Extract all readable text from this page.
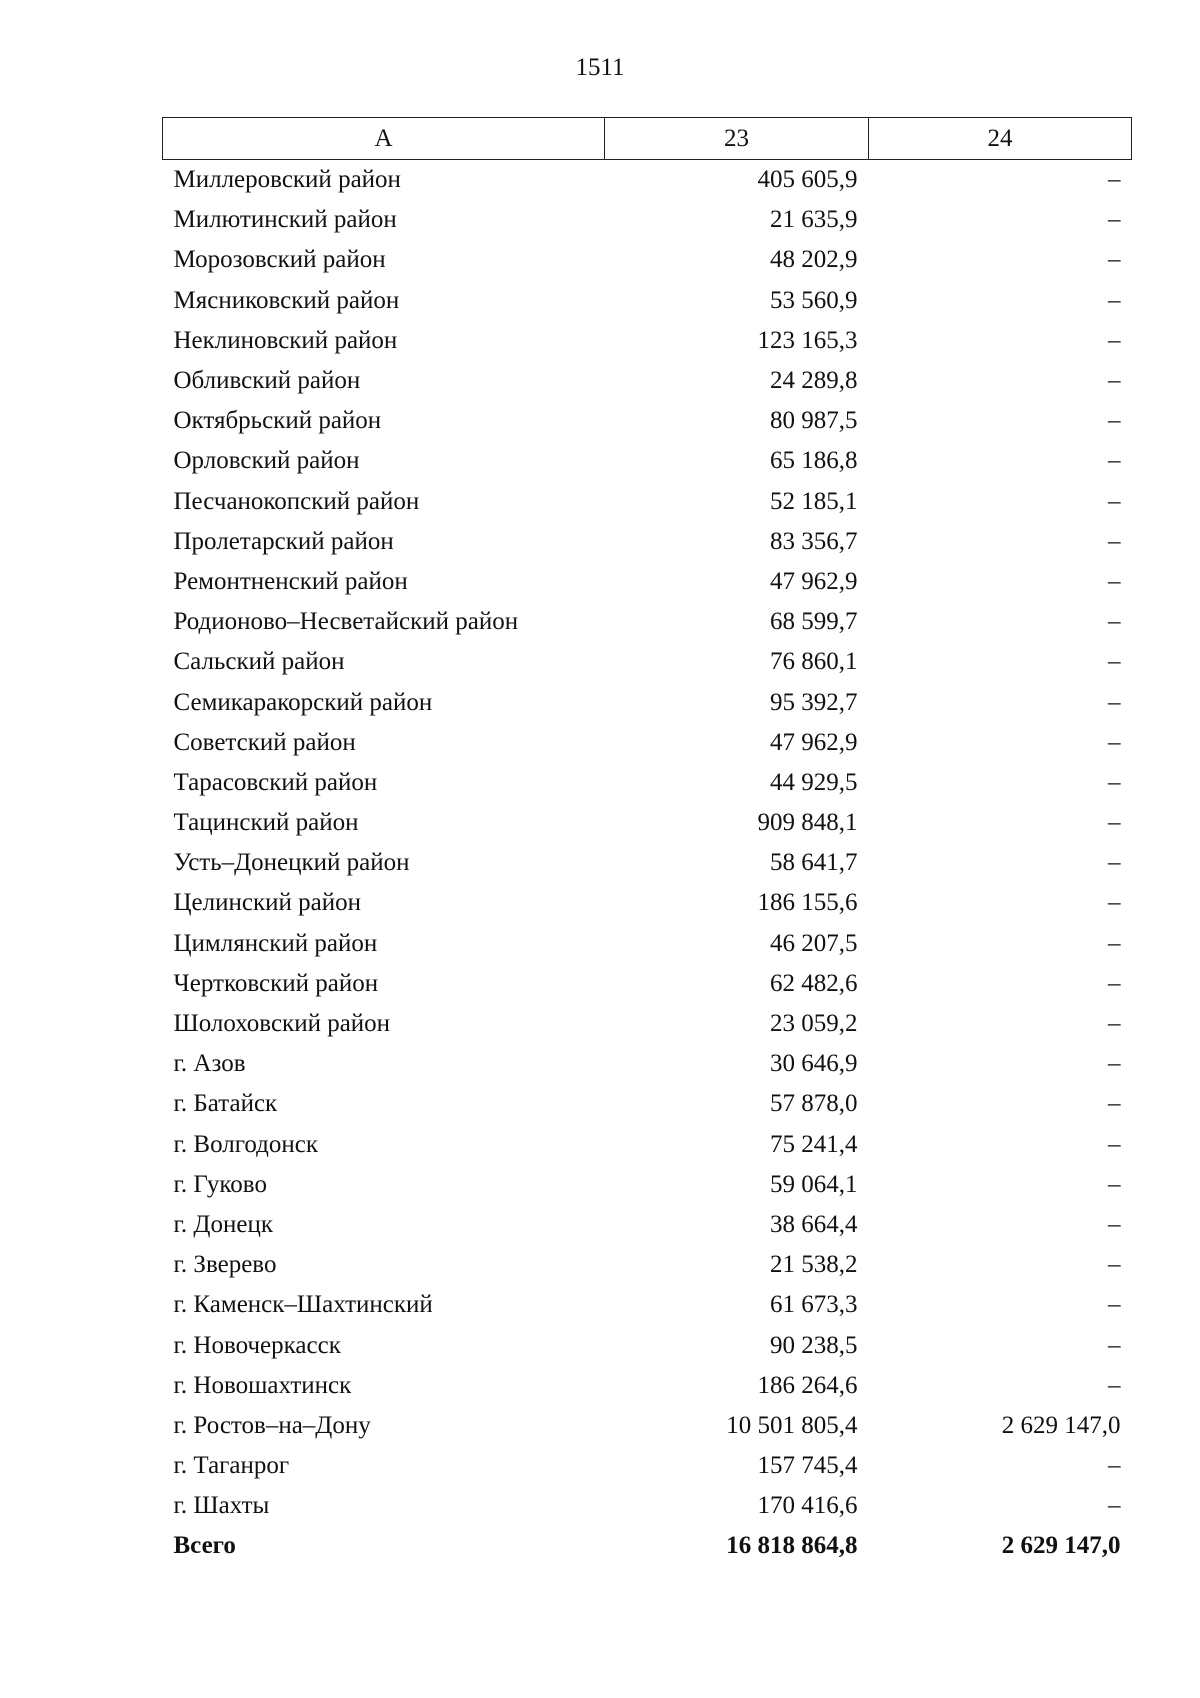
1511
А	23	24
Миллеровский район	405 605,9	–
Милютинский район	21 635,9	–
Морозовский район	48 202,9	–
Мясниковский район	53 560,9	–
Неклиновский район	123 165,3	–
Обливский район	24 289,8	–
Октябрьский район	80 987,5	–
Орловский район	65 186,8	–
Песчанокопский район	52 185,1	–
Пролетарский район	83 356,7	–
Ремонтненский район	47 962,9	–
Родионово–Несветайский район	68 599,7	–
Сальский район	76 860,1	–
Семикаракорский район	95 392,7	–
Советский район	47 962,9	–
Тарасовский район	44 929,5	–
Тацинский район	909 848,1	–
Усть–Донецкий район	58 641,7	–
Целинский район	186 155,6	–
Цимлянский район	46 207,5	–
Чертковский район	62 482,6	–
Шолоховский район	23 059,2	–
г. Азов	30 646,9	–
г. Батайск	57 878,0	–
г. Волгодонск	75 241,4	–
г. Гуково	59 064,1	–
г. Донецк	38 664,4	–
г. Зверево	21 538,2	–
г. Каменск–Шахтинский	61 673,3	–
г. Новочеркасск	90 238,5	–
г. Новошахтинск	186 264,6	–
г. Ростов–на–Дону	10 501 805,4	2 629 147,0
г. Таганрог	157 745,4	–
г. Шахты	170 416,6	–
Всего	16 818 864,8	2 629 147,0
